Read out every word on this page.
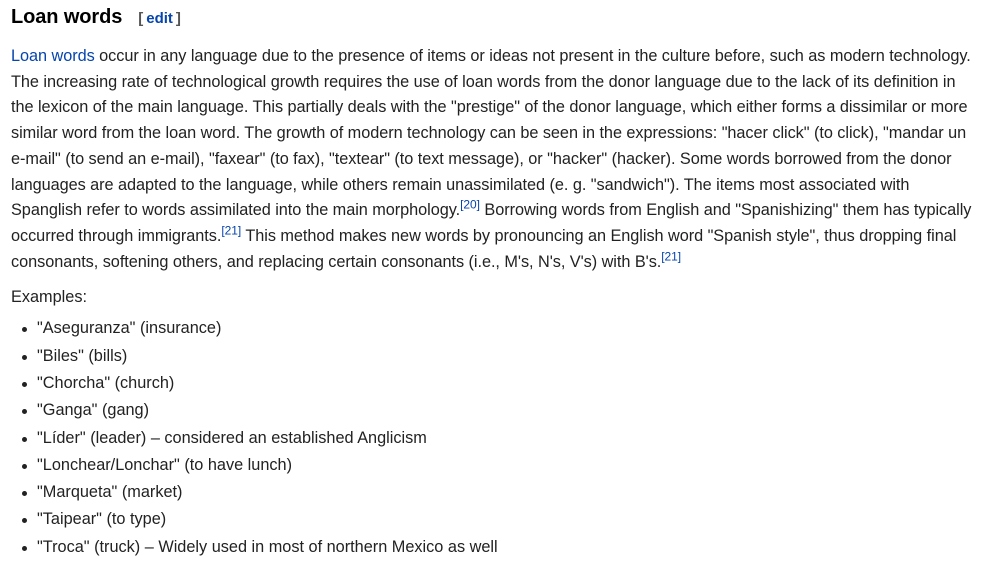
Loan words [ edit ]

Loan words occur in any language due to the presence of items or ideas not present in the culture before, such as modern technology. The increasing rate of technological growth requires the use of loan words from the donor language due to the lack of its definition in the lexicon of the main language. This partially deals with the "prestige" of the donor language, which either forms a dissimilar or more similar word from the loan word. The growth of modern technology can be seen in the expressions: "hacer click" (to click), "mandar un e-mail" (to send an e-mail), "faxear" (to fax), "textear" (to text message), or "hacker" (hacker). Some words borrowed from the donor languages are adapted to the language, while others remain unassimilated (e. g. "sandwich"). The items most associated with Spanglish refer to words assimilated into the main morphology.[20] Borrowing words from English and "Spanishizing" them has typically occurred through immigrants.[21] This method makes new words by pronouncing an English word "Spanish style", thus dropping final consonants, softening others, and replacing certain consonants (i.e., M's, N's, V's) with B's.[21]

Examples:

"Aseguranza" (insurance)
"Biles" (bills)
"Chorcha" (church)
"Ganga" (gang)
"Líder" (leader) – considered an established Anglicism
"Lonchear/Lonchar" (to have lunch)
"Marqueta" (market)
"Taipear" (to type)
"Troca" (truck) – Widely used in most of northern Mexico as well
